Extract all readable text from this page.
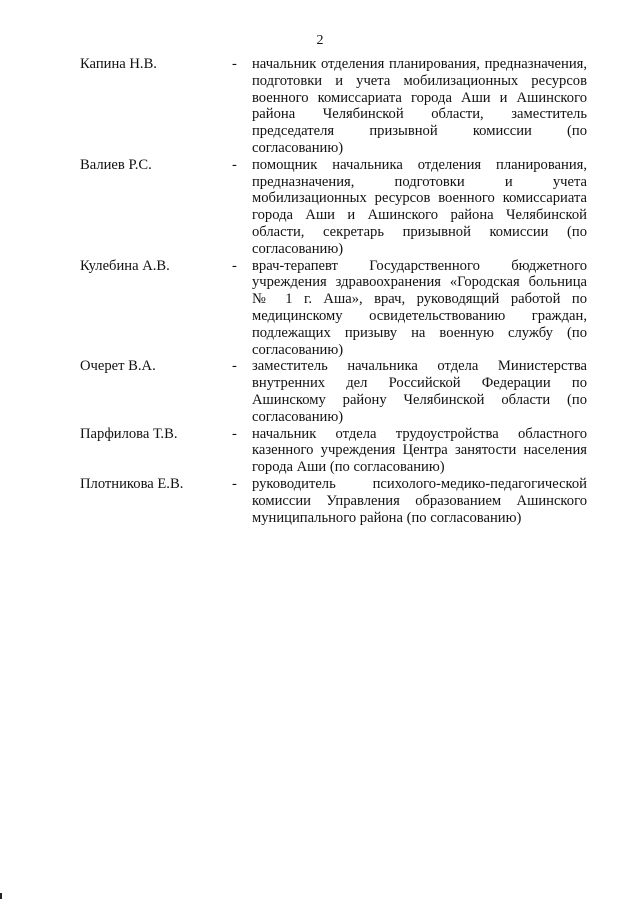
2
Капина Н.В.	- начальник отделения планирования, предназначения, подготовки и учета мобилизационных ресурсов военного комиссариата города Аши и Ашинского района Челябинской области, заместитель председателя призывной комиссии (по согласованию)
Валиев Р.С.	- помощник начальника отделения планирования, предназначения, подготовки и учета мобилизационных ресурсов военного комиссариата города Аши и Ашинского района Челябинской области, секретарь призывной комиссии (по согласованию)
Кулебина А.В.	- врач-терапевт Государственного бюджетного учреждения здравоохранения «Городская больница № 1 г. Аша», врач, руководящий работой по медицинскому освидетельствованию граждан, подлежащих призыву на военную службу (по согласованию)
Очерет В.А.	- заместитель начальника отдела Министерства внутренних дел Российской Федерации по Ашинскому району Челябинской области (по согласованию)
Парфилова Т.В.	- начальник отдела трудоустройства областного казенного учреждения Центра занятости населения города Аши (по согласованию)
Плотникова Е.В.	- руководитель психолого-медико-педагогической комиссии Управления образованием Ашинского муниципального района (по согласованию)
